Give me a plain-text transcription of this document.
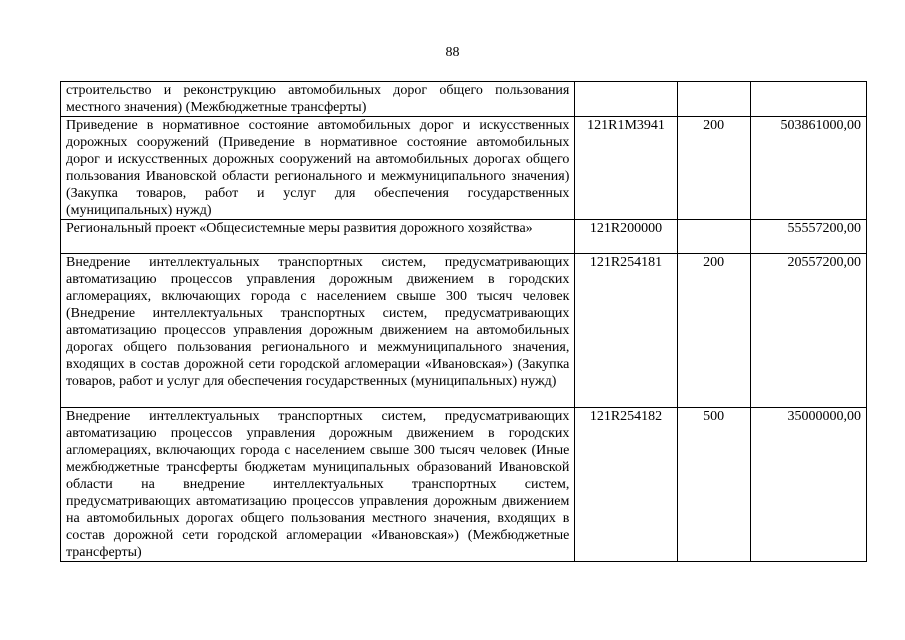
88
строительство и реконструкцию автомобильных дорог общего пользования местного значения) (Межбюджетные трансферты)			
Приведение в нормативное состояние автомобильных дорог и искусственных дорожных сооружений (Приведение в нормативное состояние автомобильных дорог и искусственных дорожных сооружений на автомобильных дорогах общего пользования Ивановской области регионального и межмуниципального значения) (Закупка товаров, работ и услуг для обеспечения государственных (муниципальных) нужд)	121R1M3941	200	503861000,00
Региональный проект «Общесистемные меры развития дорожного хозяйства»	121R200000		55557200,00
Внедрение интеллектуальных транспортных систем, предусматривающих автоматизацию процессов управления дорожным движением в городских агломерациях, включающих города с населением свыше 300 тысяч человек (Внедрение интеллектуальных транспортных систем, предусматривающих автоматизацию процессов управления дорожным движением на автомобильных дорогах общего пользования регионального и межмуниципального значения, входящих в состав дорожной сети городской агломерации «Ивановская») (Закупка товаров, работ и услуг для обеспечения государственных (муниципальных) нужд)	121R254181	200	20557200,00
Внедрение интеллектуальных транспортных систем, предусматривающих автоматизацию процессов управления дорожным движением в городских агломерациях, включающих города с населением свыше 300 тысяч человек (Иные межбюджетные трансферты бюджетам муниципальных образований Ивановской области на внедрение интеллектуальных транспортных систем, предусматривающих автоматизацию процессов управления дорожным движением на автомобильных дорогах общего пользования местного значения, входящих в состав дорожной сети городской агломерации «Ивановская») (Межбюджетные трансферты)	121R254182	500	35000000,00
